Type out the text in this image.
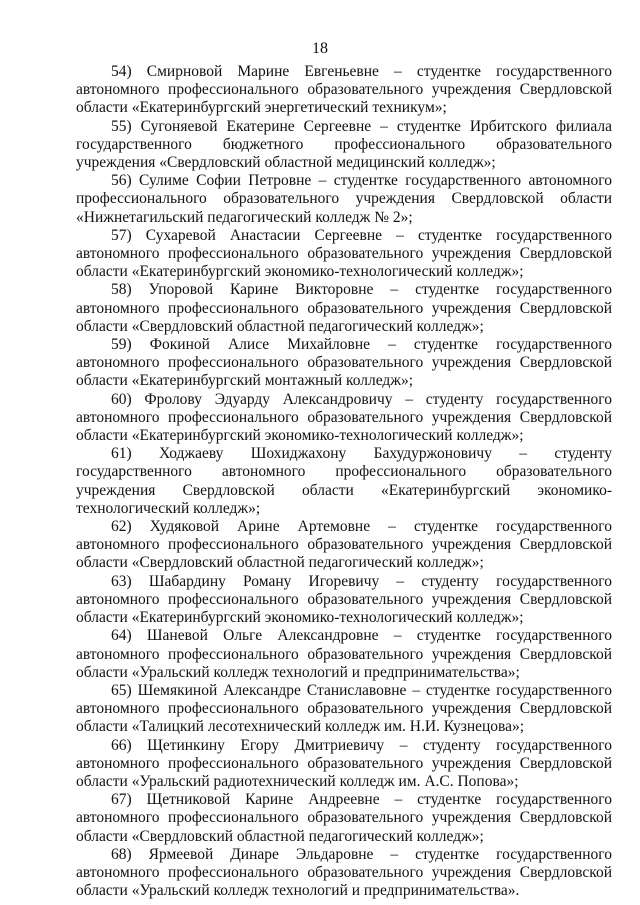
18

54) Смирновой Марине Евгеньевне – студентке государственного автономного профессионального образовательного учреждения Свердловской области «Екатеринбургский энергетический техникум»;

55) Сугоняевой Екатерине Сергеевне – студентке Ирбитского филиала государственного бюджетного профессионального образовательного учреждения «Свердловский областной медицинский колледж»;

56) Сулиме Софии Петровне – студентке государственного автономного профессионального образовательного учреждения Свердловской области «Нижнетагильский педагогический колледж № 2»;

57) Сухаревой Анастасии Сергеевне – студентке государственного автономного профессионального образовательного учреждения Свердловской области «Екатеринбургский экономико-технологический колледж»;

58) Упоровой Карине Викторовне – студентке государственного автономного профессионального образовательного учреждения Свердловской области «Свердловский областной педагогический колледж»;

59) Фокиной Алисе Михайловне – студентке государственного автономного профессионального образовательного учреждения Свердловской области «Екатеринбургский монтажный колледж»;

60) Фролову Эдуарду Александровичу – студенту государственного автономного профессионального образовательного учреждения Свердловской области «Екатеринбургский экономико-технологический колледж»;

61) Ходжаеву Шохиджахону Бахудуржоновичу – студенту государственного автономного профессионального образовательного учреждения Свердловской области «Екатеринбургский экономико-технологический колледж»;

62) Худяковой Арине Артемовне – студентке государственного автономного профессионального образовательного учреждения Свердловской области «Свердловский областной педагогический колледж»;

63) Шабардину Роману Игоревичу – студенту государственного автономного профессионального образовательного учреждения Свердловской области «Екатеринбургский экономико-технологический колледж»;

64) Шаневой Ольге Александровне – студентке государственного автономного профессионального образовательного учреждения Свердловской области «Уральский колледж технологий и предпринимательства»;

65) Шемякиной Александре Станиславовне – студентке государственного автономного профессионального образовательного учреждения Свердловской области «Талицкий лесотехнический колледж им. Н.И. Кузнецова»;

66) Щетинкину Егору Дмитриевичу – студенту государственного автономного профессионального образовательного учреждения Свердловской области «Уральский радиотехнический колледж им. А.С. Попова»;

67) Щетниковой Карине Андреевне – студентке государственного автономного профессионального образовательного учреждения Свердловской области «Свердловский областной педагогический колледж»;

68) Ярмеевой Динаре Эльдаровне – студентке государственного автономного профессионального образовательного учреждения Свердловской области «Уральский колледж технологий и предпринимательства».
